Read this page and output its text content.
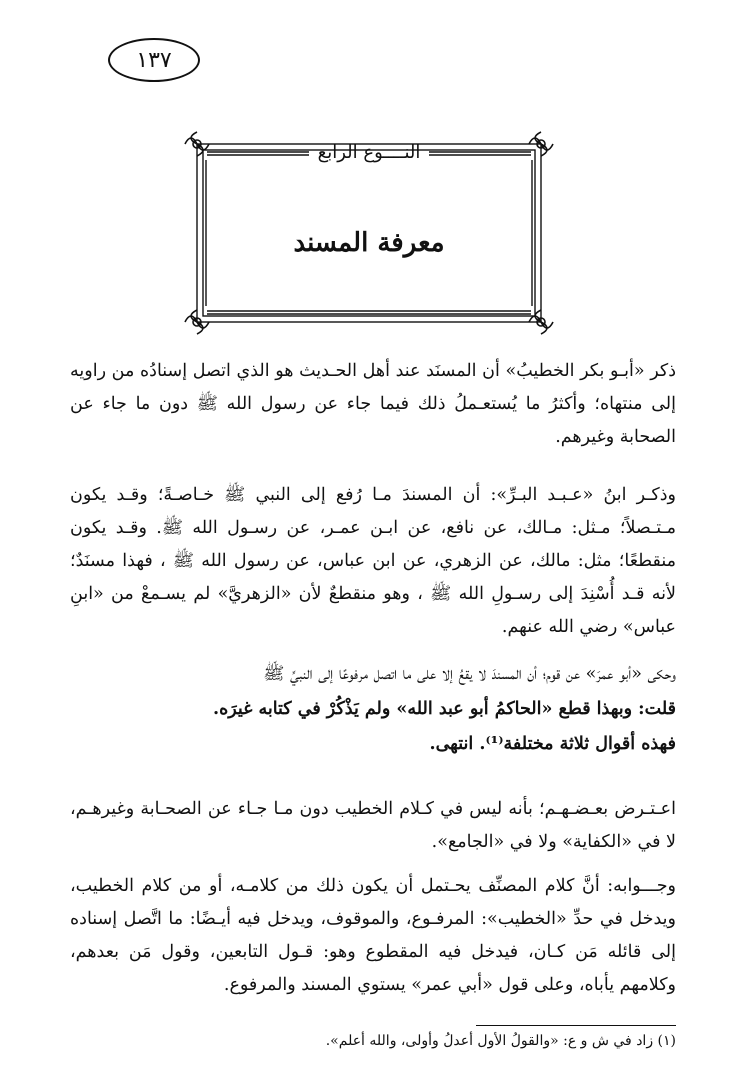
١٣٧
النــــوع الرابع
معرفة المسند

ذكر «أبـو بكر الخطيبُ» أن المسنَد عند أهل الحـديث هو الذي اتصل إسنادُه من راويه إلى منتهاه؛ وأكثرُ ما يُستعـملُ ذلك فيما جاء عن رسول الله ﷺ دون ما جاء عن الصحابة وغيرهم.

وذكـر ابنُ «عـبـد البـرِّ»: أن المسندَ مـا رُفع إلى النبي ﷺ خـاصـةً؛ وقـد يكون مـتـصلاً؛ مـثل: مـالك، عن نافع، عن ابـن عمـر، عن رسـول الله ﷺ. وقـد يكون منقطعًا؛ مثل: مالك، عن الزهري، عن ابن عباس، عن رسول الله ﷺ ، فهذا مسنَدٌ؛ لأنه قـد أُسْنِدَ إلى رسـولِ الله ﷺ ، وهو منقطعٌ لأن «الزهريَّ» لم يسـمعْ من «ابنِ عباس» رضي الله عنهم.

وحكى «أبو عمرَ» عن قوم؛ أن المسندَ لا يقعُ إلا على ما اتصل مرفوعًا إلى النبيِّ ﷺ

قلت: وبهذا قطع «الحاكمُ أبو عبد الله» ولم يَذْكُرْ في كتابه غيرَه.

فهذه أقوال ثلاثة مختلفة⁽¹⁾. انتهى.

اعـتـرض بعـضـهـم؛ بأنه ليس في كـلام الخطيب دون مـا جـاء عن الصحـابة وغيرهـم، لا في «الكفاية» ولا في «الجامع».

وجـــوابه: أنَّ كلام المصنِّف يحـتمل أن يكون ذلك من كلامـه، أو من كلام الخطيب، ويدخل في حدِّ «الخطيب»: المرفـوع، والموقوف، ويدخل فيه أيـضًا: ما اتَّصل إسناده إلى قائله مَن كـان، فيدخل فيه المقطوع وهو: قـول التابعين، وقول مَن بعدهم، وكلامهم يأباه، وعلى قول «أبي عمر» يستوي المسند والمرفوع.

(١) زاد في ش و ع: «والقولُ الأول أعدلُ وأولى، والله أعلم».
